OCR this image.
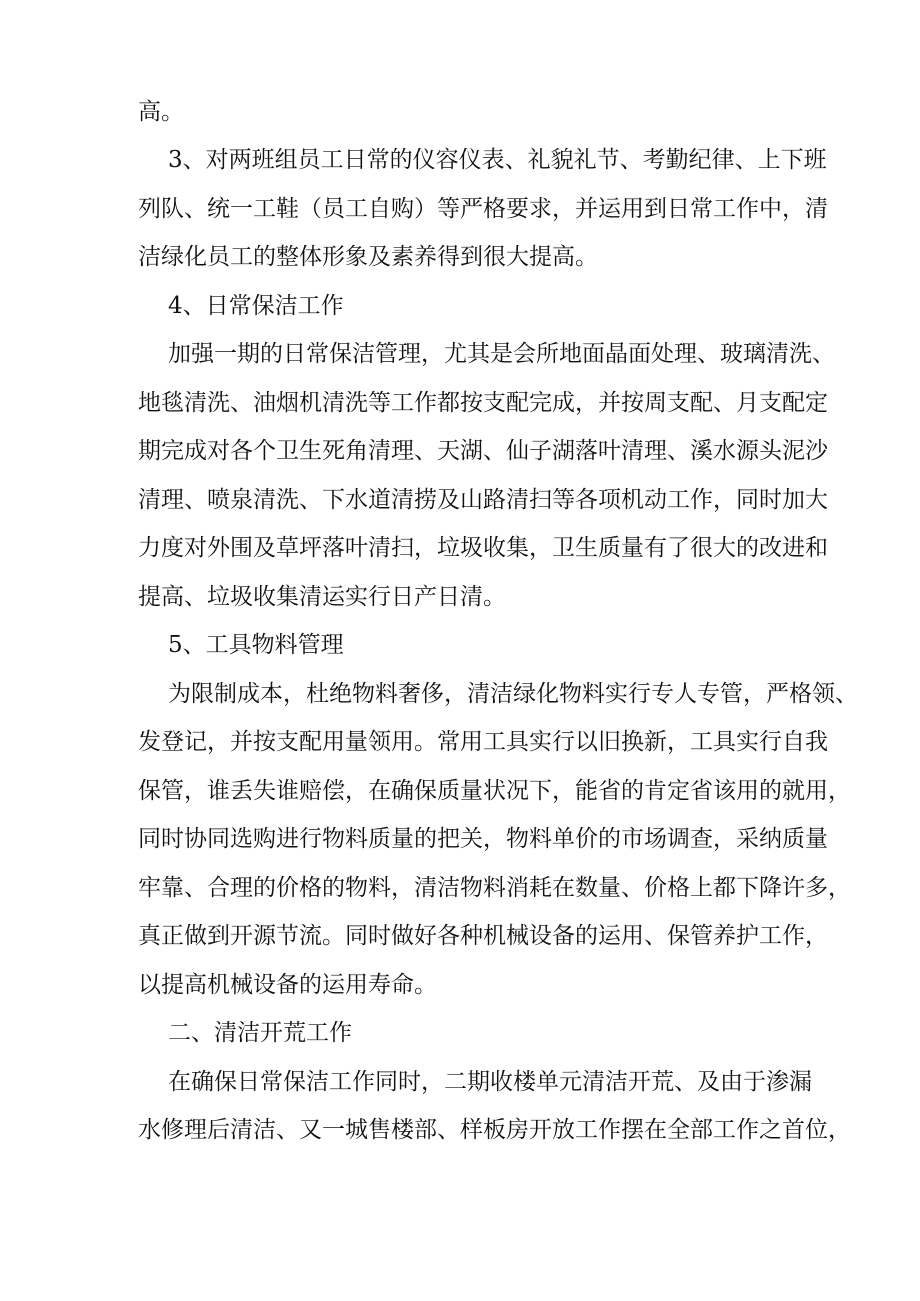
高。
3、对两班组员工日常的仪容仪表、礼貌礼节、考勤纪律、上下班
列队、统一工鞋（员工自购）等严格要求，并运用到日常工作中，清
洁绿化员工的整体形象及素养得到很大提高。
4、日常保洁工作
加强一期的日常保洁管理，尤其是会所地面晶面处理、玻璃清洗、
地毯清洗、油烟机清洗等工作都按支配完成，并按周支配、月支配定
期完成对各个卫生死角清理、天湖、仙子湖落叶清理、溪水源头泥沙
清理、喷泉清洗、下水道清捞及山路清扫等各项机动工作，同时加大
力度对外围及草坪落叶清扫，垃圾收集，卫生质量有了很大的改进和
提高、垃圾收集清运实行日产日清。
5、工具物料管理
为限制成本，杜绝物料奢侈，清洁绿化物料实行专人专管，严格领、
发登记，并按支配用量领用。常用工具实行以旧换新，工具实行自我
保管，谁丢失谁赔偿，在确保质量状况下，能省的肯定省该用的就用，
同时协同选购进行物料质量的把关，物料单价的市场调查，采纳质量
牢靠、合理的价格的物料，清洁物料消耗在数量、价格上都下降许多，
真正做到开源节流。同时做好各种机械设备的运用、保管养护工作，
以提高机械设备的运用寿命。
二、清洁开荒工作
在确保日常保洁工作同时，二期收楼单元清洁开荒、及由于渗漏
水修理后清洁、又一城售楼部、样板房开放工作摆在全部工作之首位，
